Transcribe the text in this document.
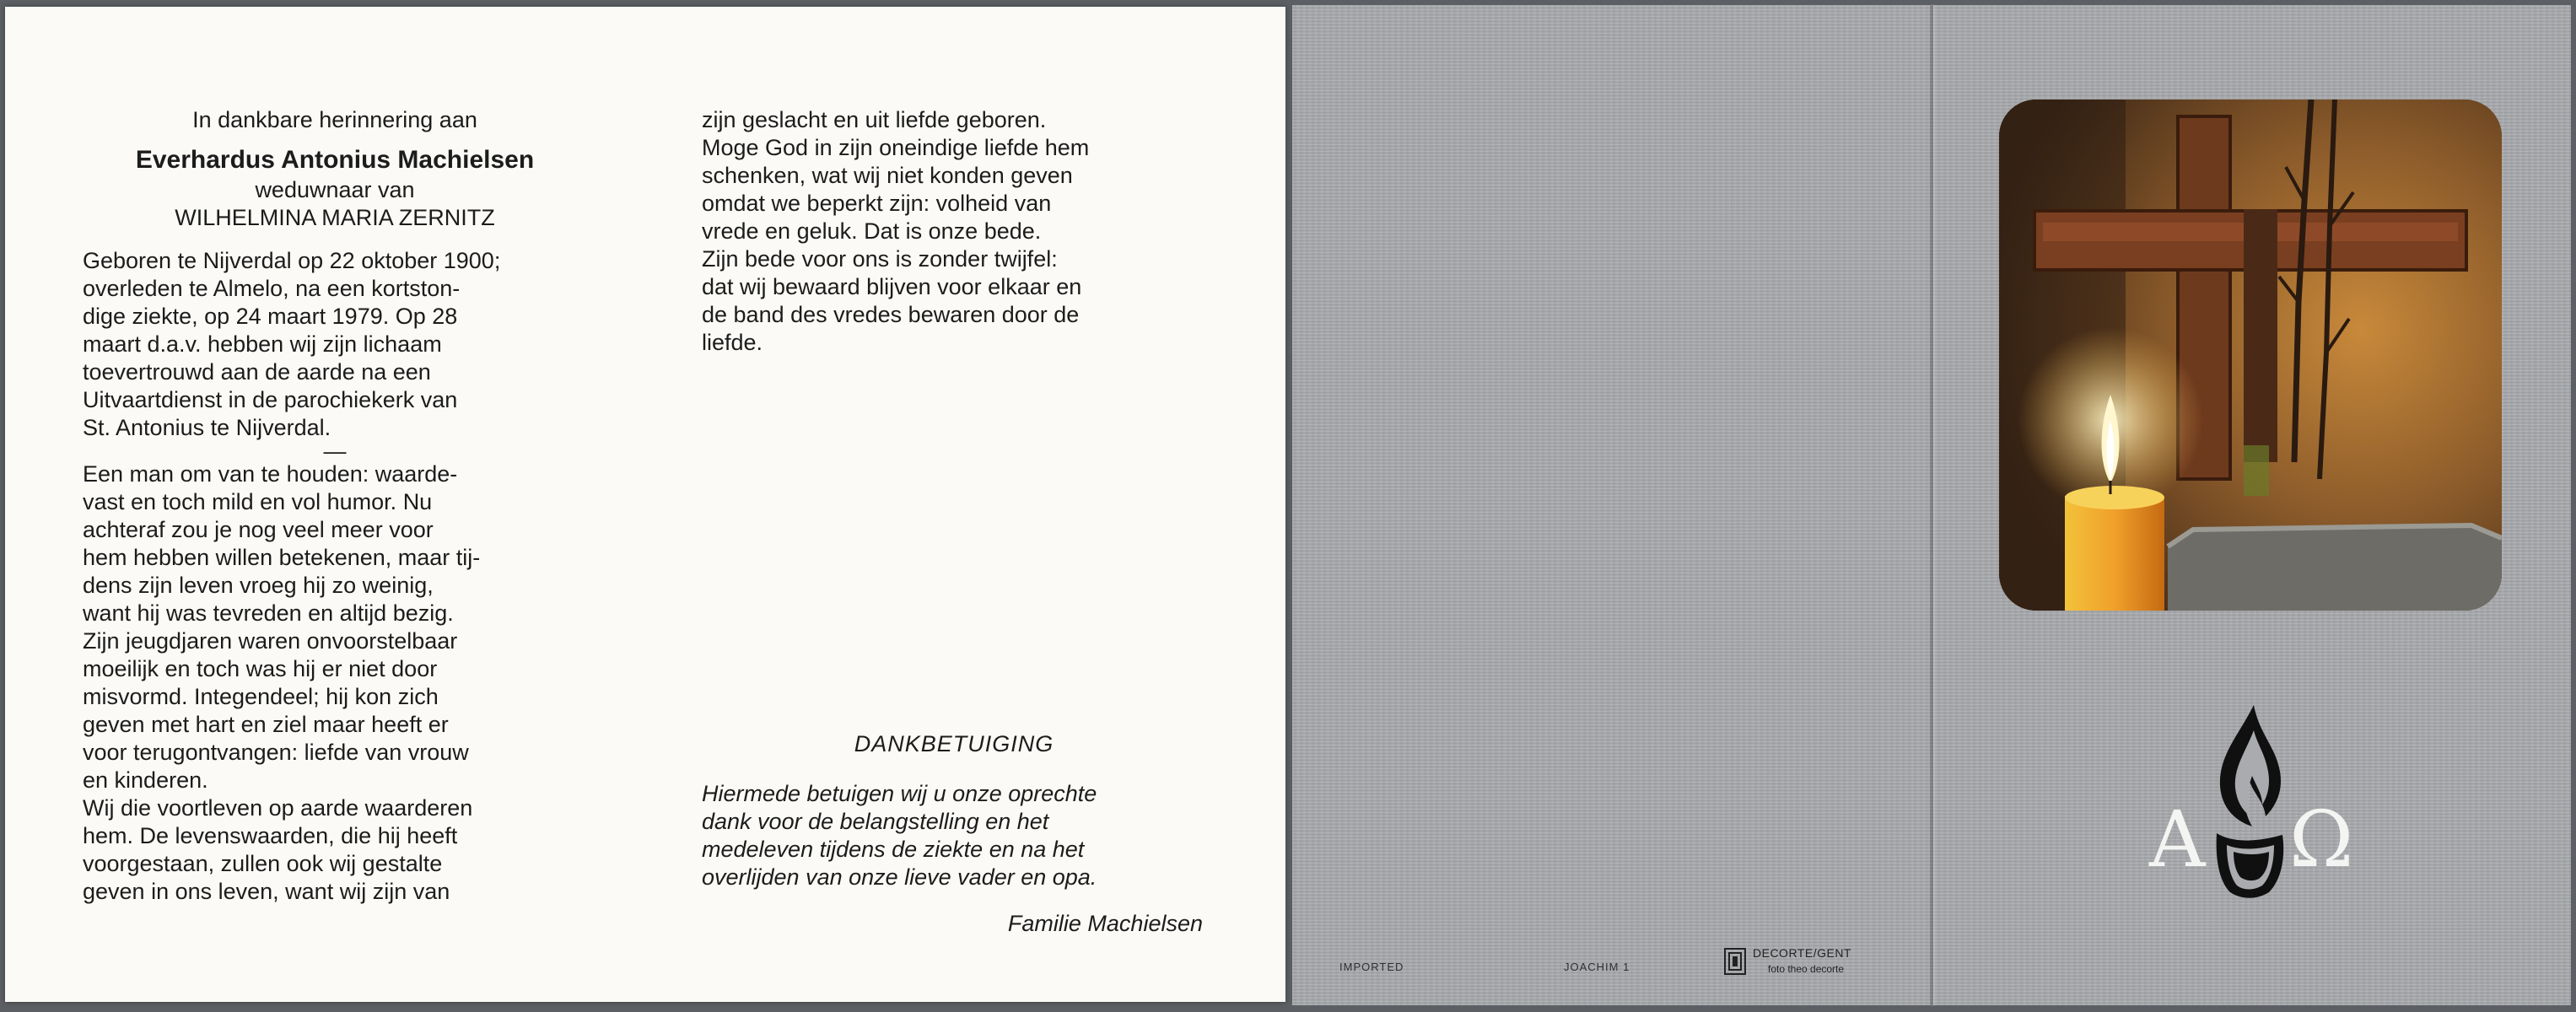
In dankbare herinnering aan
Everhardus Antonius Machielsen
weduwnaar van
WILHELMINA MARIA ZERNITZ
Geboren te Nijverdal op 22 oktober 1900;
overleden te Almelo, na een kortston-
dige ziekte, op 24 maart 1979. Op 28
maart d.a.v. hebben wij zijn lichaam
toevertrouwd aan de aarde na een
Uitvaartdienst in de parochiekerk van
St. Antonius te Nijverdal.
—
Een man om van te houden: waarde-
vast en toch mild en vol humor. Nu
achteraf zou je nog veel meer voor
hem hebben willen betekenen, maar tij-
dens zijn leven vroeg hij zo weinig,
want hij was tevreden en altijd bezig.
Zijn jeugdjaren waren onvoorstelbaar
moeilijk en toch was hij er niet door
misvormd. Integendeel; hij kon zich
geven met hart en ziel maar heeft er
voor terugontvangen: liefde van vrouw
en kinderen.
Wij die voortleven op aarde waarderen
hem. De levenswaarden, die hij heeft
voorgestaan, zullen ook wij gestalte
geven in ons leven, want wij zijn van
zijn geslacht en uit liefde geboren.
Moge God in zijn oneindige liefde hem
schenken, wat wij niet konden geven
omdat we beperkt zijn: volheid van
vrede en geluk. Dat is onze bede.
Zijn bede voor ons is zonder twijfel:
dat wij bewaard blijven voor elkaar en
de band des vredes bewaren door de
liefde.
DANKBETUIGING
Hiermede betuigen wij u onze oprechte
dank voor de belangstelling en het
medeleven tijdens de ziekte en na het
overlijden van onze lieve vader en opa.
Familie Machielsen
Α Ω
IMPORTED	JOACHIM 1
DECORTE/GENT
foto theo decorte
